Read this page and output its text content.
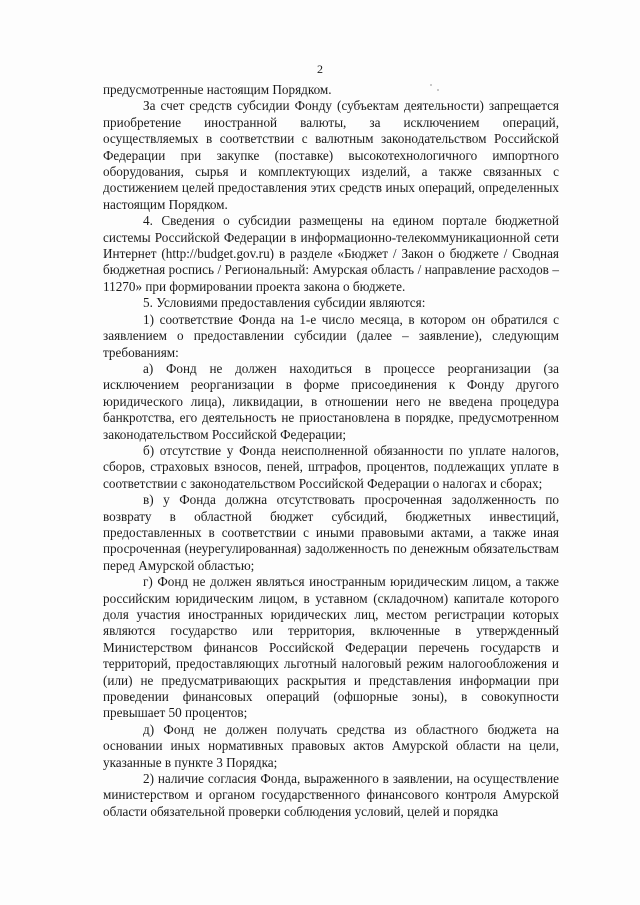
2

предусмотренные настоящим Порядком.

За счет средств субсидии Фонду (субъектам деятельности) запрещается приобретение иностранной валюты, за исключением операций, осуществляемых в соответствии с валютным законодательством Российской Федерации при закупке (поставке) высокотехнологичного импортного оборудования, сырья и комплектующих изделий, а также связанных с достижением целей предоставления этих средств иных операций, определенных настоящим Порядком.

4. Сведения о субсидии размещены на едином портале бюджетной системы Российской Федерации в информационно-телекоммуникационной сети Интернет (http://budget.gov.ru) в разделе «Бюджет / Закон о бюджете / Сводная бюджетная роспись / Региональный: Амурская область / направление расходов – 11270» при формировании проекта закона о бюджете.

5. Условиями предоставления субсидии являются:

1) соответствие Фонда на 1-е число месяца, в котором он обратился с заявлением о предоставлении субсидии (далее – заявление), следующим требованиям:

а) Фонд не должен находиться в процессе реорганизации (за исключением реорганизации в форме присоединения к Фонду другого юридического лица), ликвидации, в отношении него не введена процедура банкротства, его деятельность не приостановлена в порядке, предусмотренном законодательством Российской Федерации;

б) отсутствие у Фонда неисполненной обязанности по уплате налогов, сборов, страховых взносов, пеней, штрафов, процентов, подлежащих уплате в соответствии с законодательством Российской Федерации о налогах и сборах;

в) у Фонда должна отсутствовать просроченная задолженность по возврату в областной бюджет субсидий, бюджетных инвестиций, предоставленных в соответствии с иными правовыми актами, а также иная просроченная (неурегулированная) задолженность по денежным обязательствам перед Амурской областью;

г) Фонд не должен являться иностранным юридическим лицом, а также российским юридическим лицом, в уставном (складочном) капитале которого доля участия иностранных юридических лиц, местом регистрации которых являются государство или территория, включенные в утвержденный Министерством финансов Российской Федерации перечень государств и территорий, предоставляющих льготный налоговый режим налогообложения и (или) не предусматривающих раскрытия и представления информации при проведении финансовых операций (офшорные зоны), в совокупности превышает 50 процентов;

д) Фонд не должен получать средства из областного бюджета на основании иных нормативных правовых актов Амурской области на цели, указанные в пункте 3 Порядка;

2) наличие согласия Фонда, выраженного в заявлении, на осуществление министерством и органом государственного финансового контроля Амурской области обязательной проверки соблюдения условий, целей и порядка
